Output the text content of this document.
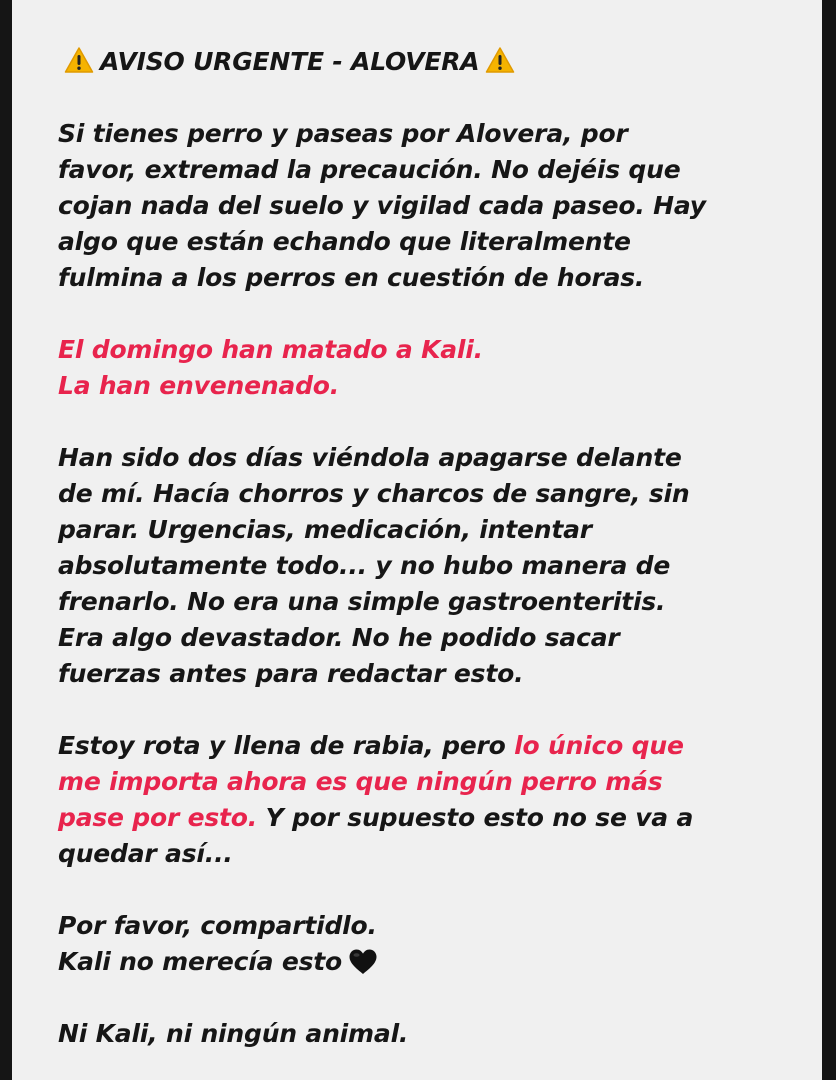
AVISO URGENTE - ALOVERA
Si tienes perro y paseas por Alovera, por
favor, extremad la precaución. No dejéis que
cojan nada del suelo y vigilad cada paseo. Hay
algo que están echando que literalmente
fulmina a los perros en cuestión de horas.
El domingo han matado a Kali.
La han envenenado.
Han sido dos días viéndola apagarse delante
de mí. Hacía chorros y charcos de sangre, sin
parar. Urgencias, medicación, intentar
absolutamente todo... y no hubo manera de
frenarlo. No era una simple gastroenteritis.
Era algo devastador. No he podido sacar
fuerzas antes para redactar esto.
Estoy rota y llena de rabia, pero lo único que
me importa ahora es que ningún perro más
pase por esto. Y por supuesto esto no se va a
quedar así...
Por favor, compartidlo.
Kali no merecía esto
Ni Kali, ni ningún animal.
